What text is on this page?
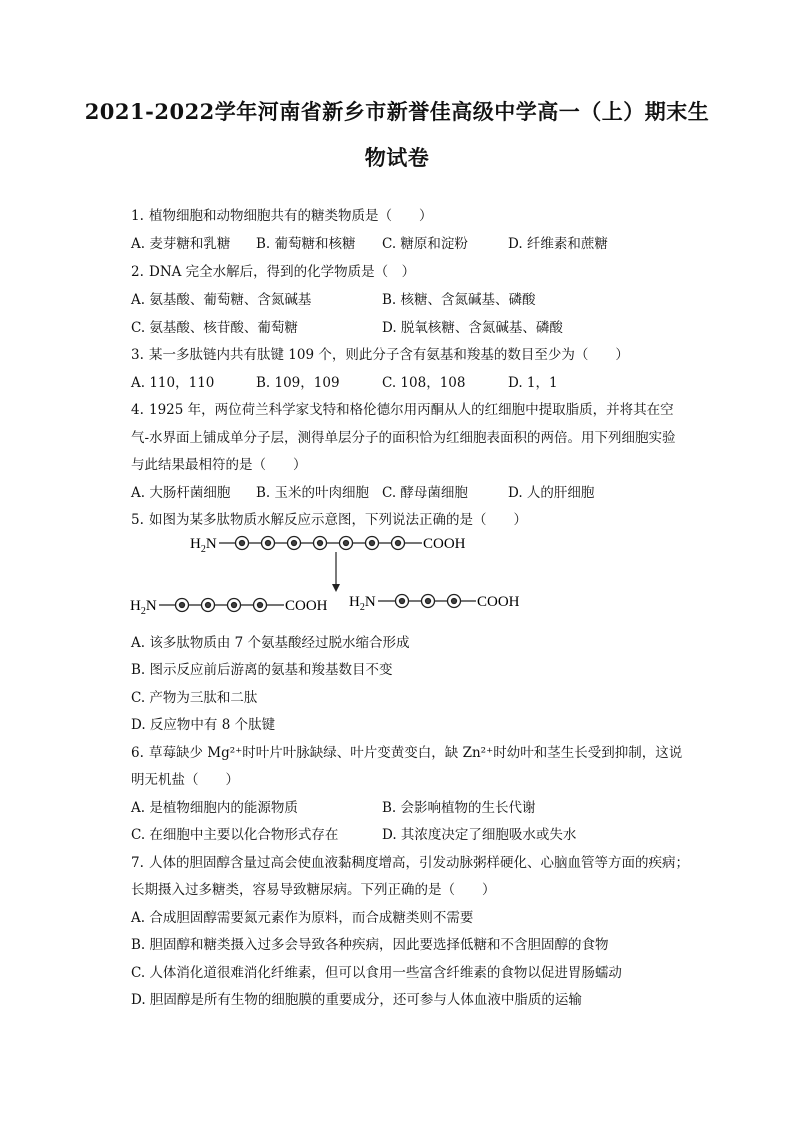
2021-2022学年河南省新乡市新誉佳高级中学高一（上）期末生
物试卷
1. 植物细胞和动物细胞共有的糖类物质是（　　）
A. 麦芽糖和乳糖 B. 葡萄糖和核糖 C. 糖原和淀粉	D. 纤维素和蔗糖
2. DNA 完全水解后，得到的化学物质是（　）
A. 氨基酸、葡萄糖、含氮碱基	B. 核糖、含氮碱基、磷酸
C. 氨基酸、核苷酸、葡萄糖	D. 脱氧核糖、含氮碱基、磷酸
3. 某一多肽链内共有肽键 109 个，则此分子含有氨基和羧基的数目至少为（　　）
A. 110，110	B. 109，109	C. 108，108	D. 1，1
4. 1925 年，两位荷兰科学家戈特和格伦德尔用丙酮从人的红细胞中提取脂质，并将其在空
气-水界面上铺成单分子层，测得单层分子的面积恰为红细胞表面积的两倍。用下列细胞实验
与此结果最相符的是（　　）
A. 大肠杆菌细胞 B. 玉米的叶肉细胞 C. 酵母菌细胞	D. 人的肝细胞
5. 如图为某多肽物质水解反应示意图，下列说法正确的是（　　）
$H_2N$	COOH
$H_2N$	COOH $H_2N$	COOH
A. 该多肽物质由 7 个氨基酸经过脱水缩合形成
B. 图示反应前后游离的氨基和羧基数目不变
C. 产物为三肽和二肽
D. 反应物中有 8 个肽键
6. 草莓缺少 Mg²⁺时叶片叶脉缺绿、叶片变黄变白，缺 Zn²⁺时幼叶和茎生长受到抑制，这说
明无机盐（　　）
A. 是植物细胞内的能源物质	B. 会影响植物的生长代谢
C. 在细胞中主要以化合物形式存在	D. 其浓度决定了细胞吸水或失水
7. 人体的胆固醇含量过高会使血液黏稠度增高，引发动脉粥样硬化、心脑血管等方面的疾病；
长期摄入过多糖类，容易导致糖尿病。下列正确的是（　　）
A. 合成胆固醇需要氮元素作为原料，而合成糖类则不需要
B. 胆固醇和糖类摄入过多会导致各种疾病，因此要选择低糖和不含胆固醇的食物
C. 人体消化道很难消化纤维素，但可以食用一些富含纤维素的食物以促进胃肠蠕动
D. 胆固醇是所有生物的细胞膜的重要成分，还可参与人体血液中脂质的运输
